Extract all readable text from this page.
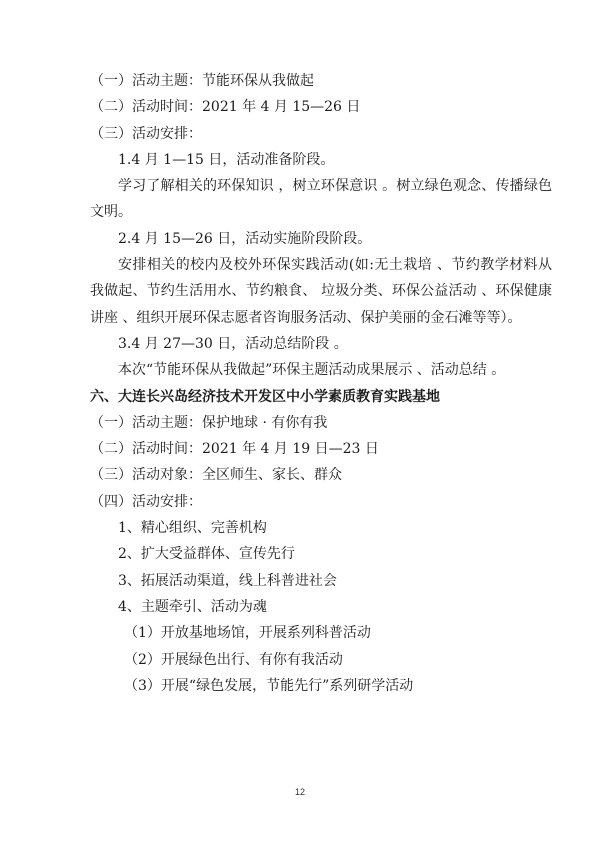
（一）活动主题：节能环保从我做起
（二）活动时间：2021 年 4 月 15—26 日
（三）活动安排：
1.4 月 1—15 日，活动准备阶段。
学习了解相关的环保知识 ，树立环保意识 。树立绿色观念、传播绿色文明。
2.4 月 15—26 日，活动实施阶段阶段。
安排相关的校内及校外环保实践活动(如:无土栽培 、节约教学材料从我做起、节约生活用水、节约粮食、 垃圾分类、环保公益活动 、环保健康讲座 、组织开展环保志愿者咨询服务活动、保护美丽的金石滩等等）。
3.4 月 27—30 日，活动总结阶段 。
本次“节能环保从我做起”环保主题活动成果展示 、活动总结 。
六、大连长兴岛经济技术开发区中小学素质教育实践基地
（一）活动主题：保护地球 · 有你有我
（二）活动时间：2021 年 4 月 19 日—23 日
（三）活动对象：全区师生、家长、群众
（四）活动安排：
1、精心组织、完善机构
2、扩大受益群体、宣传先行
3、拓展活动渠道，线上科普进社会
4、主题牵引、活动为魂
（1）开放基地场馆，开展系列科普活动
（2）开展绿色出行、有你有我活动
（3）开展“绿色发展，节能先行”系列研学活动
12
